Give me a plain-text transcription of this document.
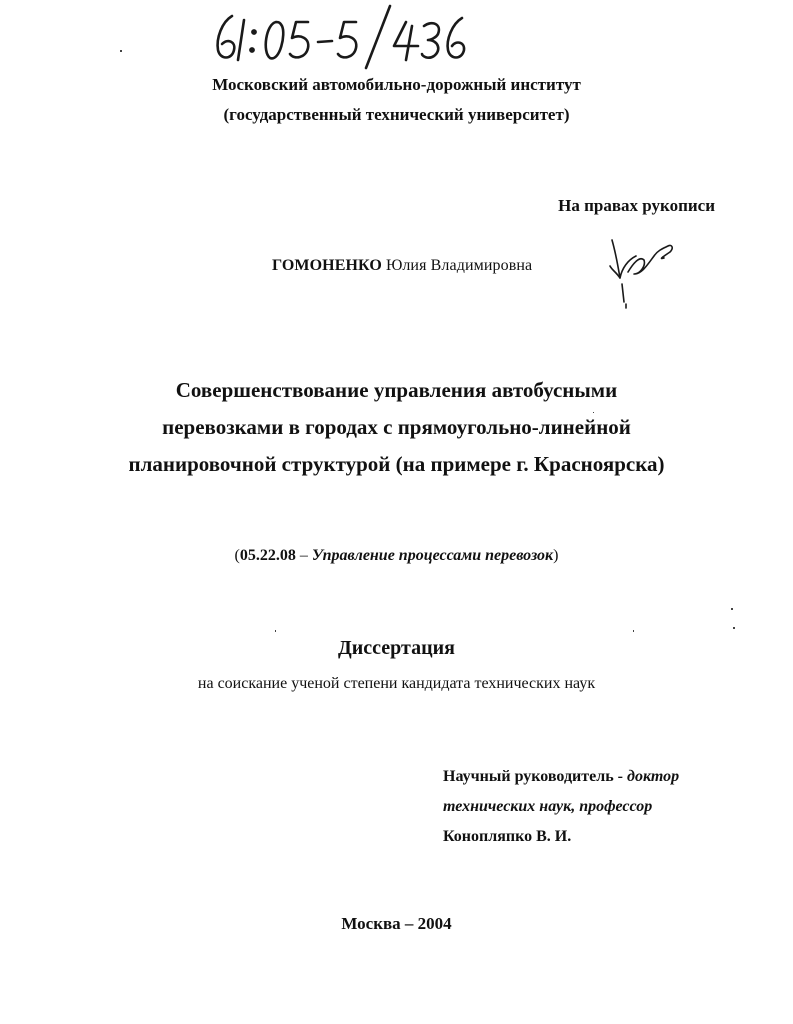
Московский автомобильно-дорожный институт
(государственный технический университет)
На правах рукописи
ГОМОНЕНКО Юлия Владимировна
Совершенствование управления автобусными
перевозками в городах с прямоугольно-линейной
планировочной структурой (на примере г. Красноярска)
(05.22.08 – Управление процессами перевозок)
Диссертация
на соискание ученой степени кандидата технических наук
Научный руководитель - доктор
технических наук, профессор
Конопляпко В. И.
Москва – 2004
